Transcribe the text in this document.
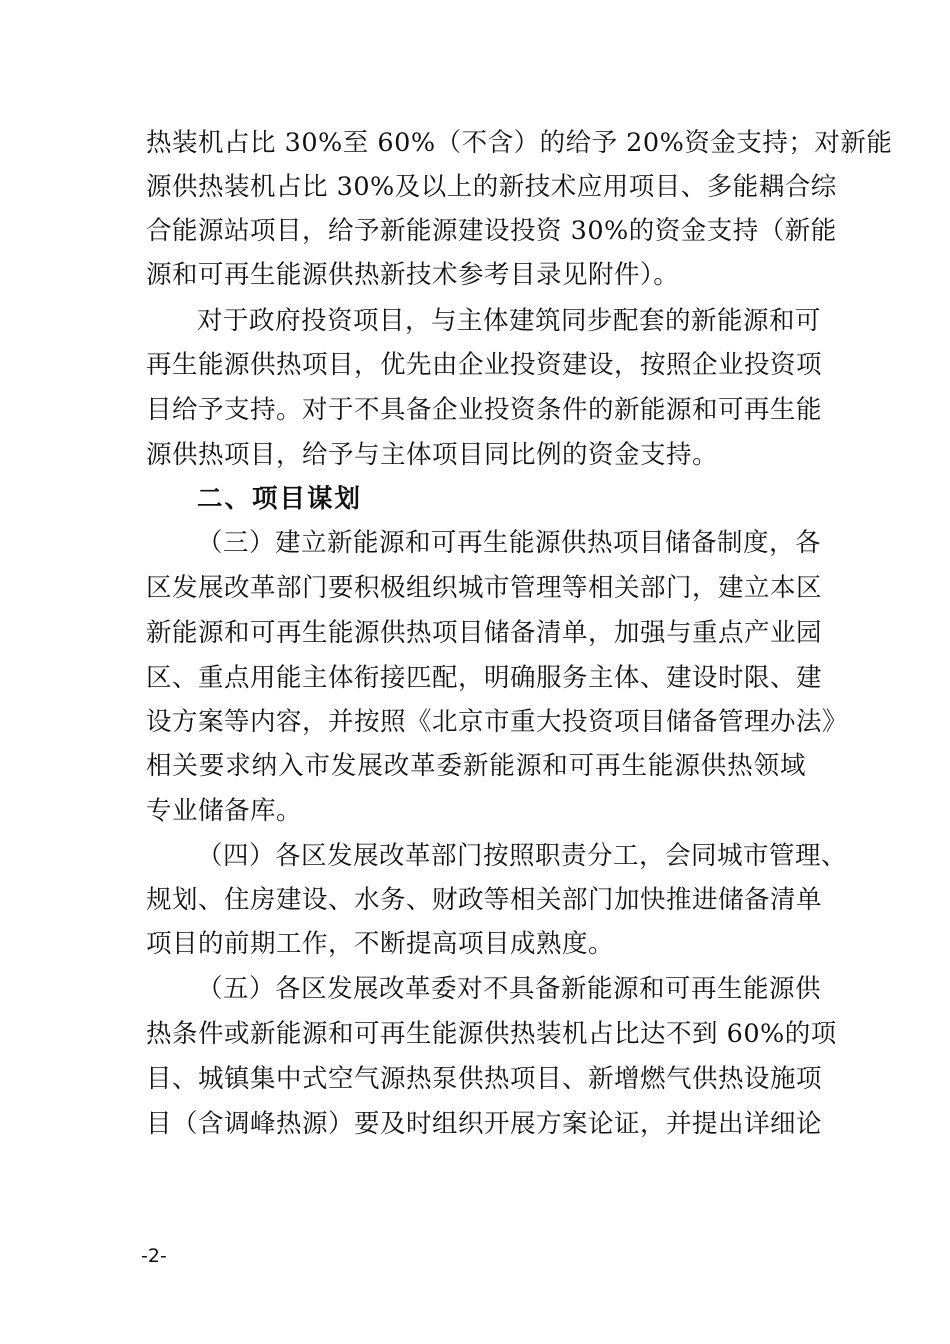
热装机占比 30%至 60%（不含）的给予 20%资金支持；对新能
源供热装机占比 30%及以上的新技术应用项目、多能耦合综
合能源站项目，给予新能源建设投资 30%的资金支持（新能
源和可再生能源供热新技术参考目录见附件）。
对于政府投资项目，与主体建筑同步配套的新能源和可
再生能源供热项目，优先由企业投资建设，按照企业投资项
目给予支持。对于不具备企业投资条件的新能源和可再生能
源供热项目，给予与主体项目同比例的资金支持。
二、项目谋划
（三）建立新能源和可再生能源供热项目储备制度，各
区发展改革部门要积极组织城市管理等相关部门，建立本区
新能源和可再生能源供热项目储备清单，加强与重点产业园
区、重点用能主体衔接匹配，明确服务主体、建设时限、建
设方案等内容，并按照《北京市重大投资项目储备管理办法》
相关要求纳入市发展改革委新能源和可再生能源供热领域
专业储备库。
（四）各区发展改革部门按照职责分工，会同城市管理、
规划、住房建设、水务、财政等相关部门加快推进储备清单
项目的前期工作，不断提高项目成熟度。
（五）各区发展改革委对不具备新能源和可再生能源供
热条件或新能源和可再生能源供热装机占比达不到 60%的项
目、城镇集中式空气源热泵供热项目、新增燃气供热设施项
目（含调峰热源）要及时组织开展方案论证，并提出详细论
-2-
